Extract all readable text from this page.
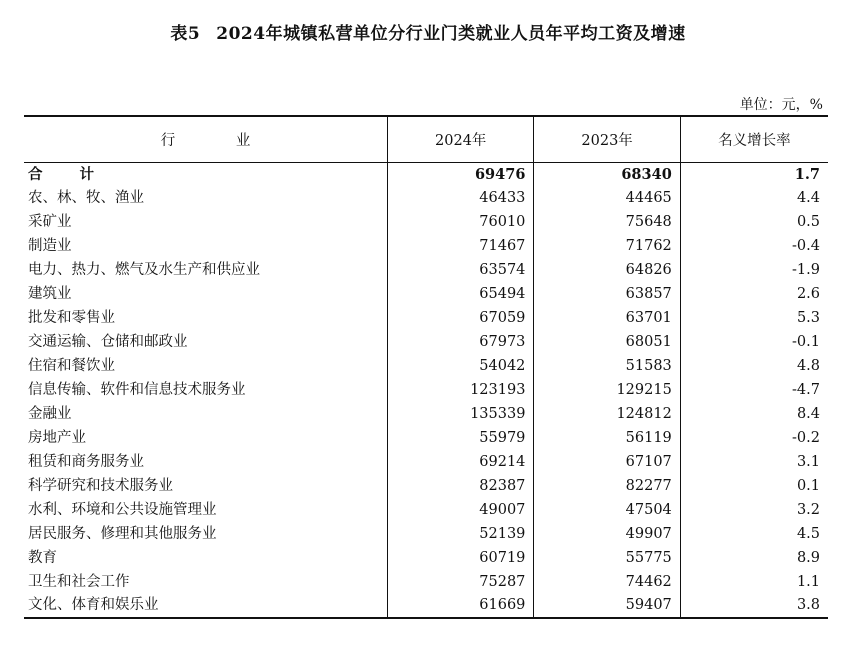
表5 2024年城镇私营单位分行业门类就业人员年平均工资及增速
单位：元，%
行 业	2024年	2023年	名义增长率
合 计	69476	68340	1.7
农、林、牧、渔业	46433	44465	4.4
采矿业	76010	75648	0.5
制造业	71467	71762	-0.4
电力、热力、燃气及水生产和供应业	63574	64826	-1.9
建筑业	65494	63857	2.6
批发和零售业	67059	63701	5.3
交通运输、仓储和邮政业	67973	68051	-0.1
住宿和餐饮业	54042	51583	4.8
信息传输、软件和信息技术服务业	123193	129215	-4.7
金融业	135339	124812	8.4
房地产业	55979	56119	-0.2
租赁和商务服务业	69214	67107	3.1
科学研究和技术服务业	82387	82277	0.1
水利、环境和公共设施管理业	49007	47504	3.2
居民服务、修理和其他服务业	52139	49907	4.5
教育	60719	55775	8.9
卫生和社会工作	75287	74462	1.1
文化、体育和娱乐业	61669	59407	3.8
